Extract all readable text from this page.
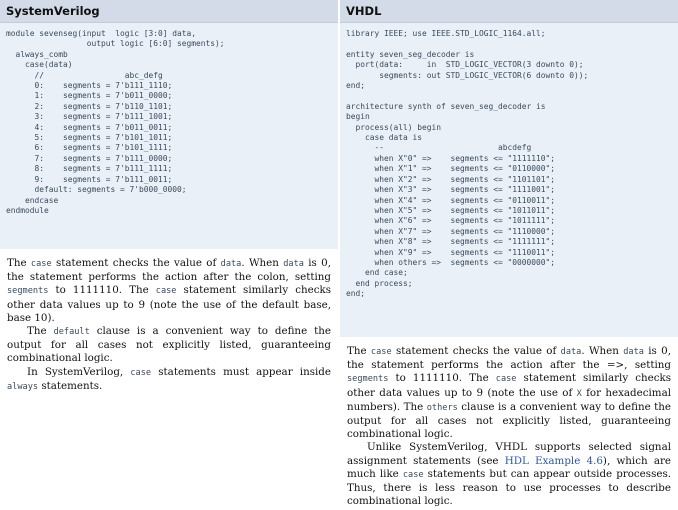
SystemVerilog
module sevenseg(input  logic [3:0] data,
output logic [6:0] segments);
always_comb
case(data)
//                 abc_defg
0:    segments = 7'b111_1110;
1:    segments = 7'b011_0000;
2:    segments = 7'b110_1101;
3:    segments = 7'b111_1001;
4:    segments = 7'b011_0011;
5:    segments = 7'b101_1011;
6:    segments = 7'b101_1111;
7:    segments = 7'b111_0000;
8:    segments = 7'b111_1111;
9:    segments = 7'b111_0011;
default: segments = 7'b000_0000;
endcase
endmodule

The case statement checks the value of data. When data is 0, the statement performs the action after the colon, setting segments to 1111110. The case statement similarly checks other data values up to 9 (note the use of the default base, base 10).

The default clause is a convenient way to define the output for all cases not explicitly listed, guaranteeing combinational logic.

In SystemVerilog, case statements must appear inside always statements.

VHDL
library IEEE; use IEEE.STD_LOGIC_1164.all;

entity seven_seg_decoder is
port(data:     in  STD_LOGIC_VECTOR(3 downto 0);
segments: out STD_LOGIC_VECTOR(6 downto 0));
end;

architecture synth of seven_seg_decoder is
begin
process(all) begin
case data is
--                        abcdefg
when X"0" =>    segments <= "1111110";
when X"1" =>    segments <= "0110000";
when X"2" =>    segments <= "1101101";
when X"3" =>    segments <= "1111001";
when X"4" =>    segments <= "0110011";
when X"5" =>    segments <= "1011011";
when X"6" =>    segments <= "1011111";
when X"7" =>    segments <= "1110000";
when X"8" =>    segments <= "1111111";
when X"9" =>    segments <= "1110011";
when others =>  segments <= "0000000";
end case;
end process;
end;

The case statement checks the value of data. When data is 0, the statement performs the action after the =>, setting segments to 1111110. The case statement similarly checks other data values up to 9 (note the use of X for hexadecimal numbers). The others clause is a convenient way to define the output for all cases not explicitly listed, guaranteeing combinational logic.

Unlike SystemVerilog, VHDL supports selected signal assignment statements (see HDL Example 4.6), which are much like case statements but can appear outside processes. Thus, there is less reason to use processes to describe combinational logic.
